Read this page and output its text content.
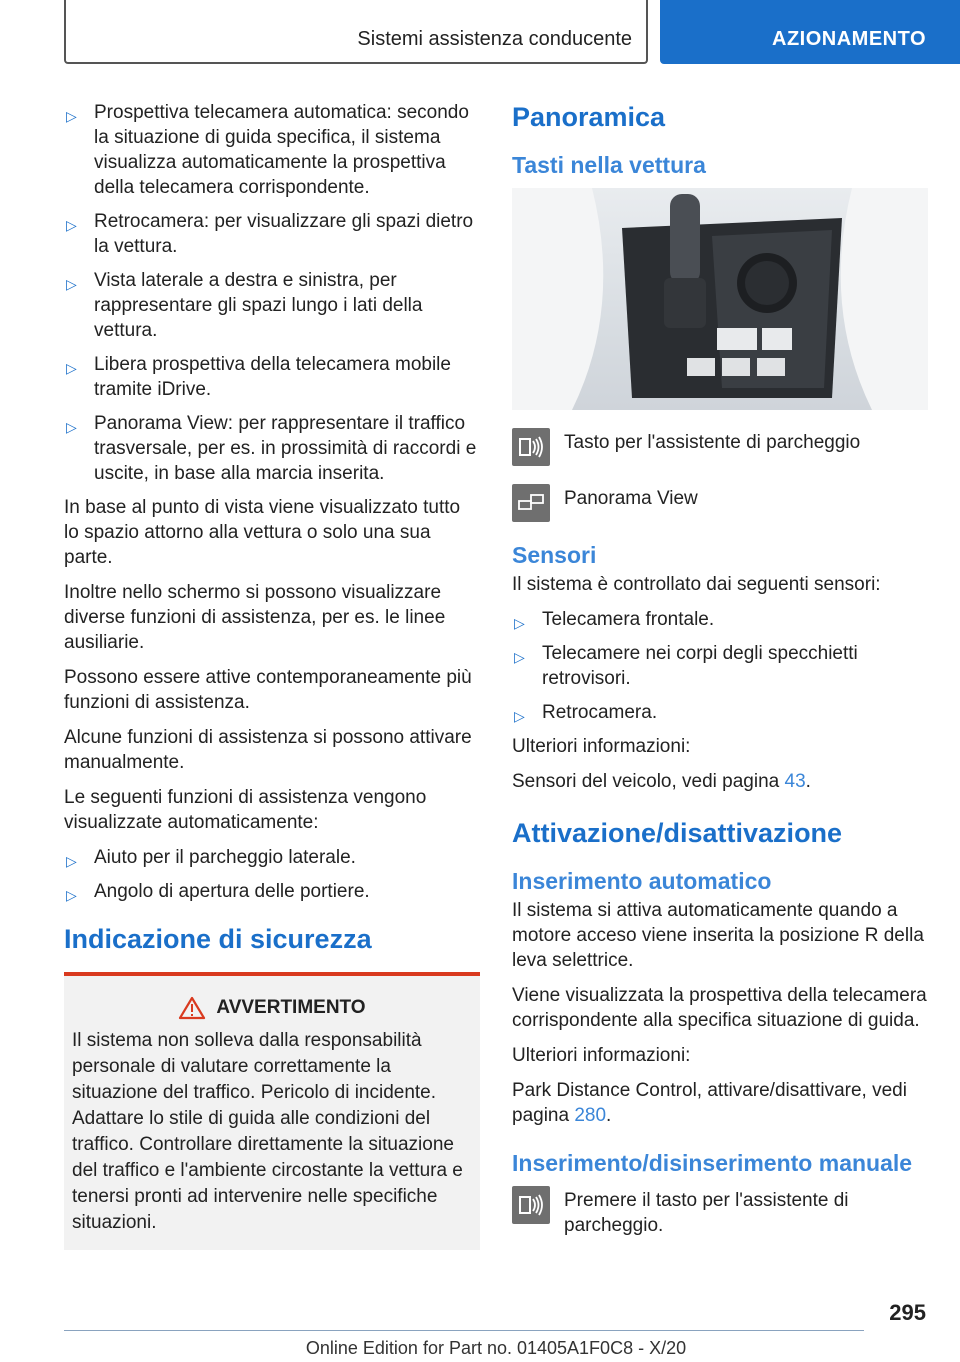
Sistemi assistenza conducente	AZIONAMENTO
▷ Prospettiva telecamera automatica: secondo la situazione di guida specifica, il sistema visualizza automaticamente la prospettiva della telecamera corrispondente.
▷ Retrocamera: per visualizzare gli spazi dietro la vettura.
▷ Vista laterale a destra e sinistra, per rappresentare gli spazi lungo i lati della vettura.
▷ Libera prospettiva della telecamera mobile tramite iDrive.
▷ Panorama View: per rappresentare il traffico trasversale, per es. in prossimità di raccordi e uscite, in base alla marcia inserita.

In base al punto di vista viene visualizzato tutto lo spazio attorno alla vettura o solo una sua parte.

Inoltre nello schermo si possono visualizzare diverse funzioni di assistenza, per es. le linee ausiliarie.

Possono essere attive contemporaneamente più funzioni di assistenza.

Alcune funzioni di assistenza si possono attivare manualmente.

Le seguenti funzioni di assistenza vengono visualizzate automaticamente:

▷ Aiuto per il parcheggio laterale.
▷ Angolo di apertura delle portiere.
Indicazione di sicurezza
AVVERTIMENTO

Il sistema non solleva dalla responsabilità personale di valutare correttamente la situazione del traffico. Pericolo di incidente. Adattare lo stile di guida alle condizioni del traffico. Controllare direttamente la situazione del traffico e l'ambiente circostante la vettura e tenersi pronti ad intervenire nelle specifiche situazioni.

Panoramica
Tasti nella vettura
Tasto per l'assistente di parcheggio
Panorama View
Sensori

Il sistema è controllato dai seguenti sensori:

▷ Telecamera frontale.
▷ Telecamere nei corpi degli specchietti retrovisori.
▷ Retrocamera.

Ulteriori informazioni:

Sensori del veicolo, vedi pagina 43.

Attivazione/disattivazione
Inserimento automatico

Il sistema si attiva automaticamente quando a motore acceso viene inserita la posizione R della leva selettrice.

Viene visualizzata la prospettiva della telecamera corrispondente alla specifica situazione di guida.

Ulteriori informazioni:

Park Distance Control, attivare/disattivare, vedi pagina 280.

Inserimento/disinserimento manuale
Premere il tasto per l'assistente di parcheggio.
295
Online Edition for Part no. 01405A1F0C8 - X/20
